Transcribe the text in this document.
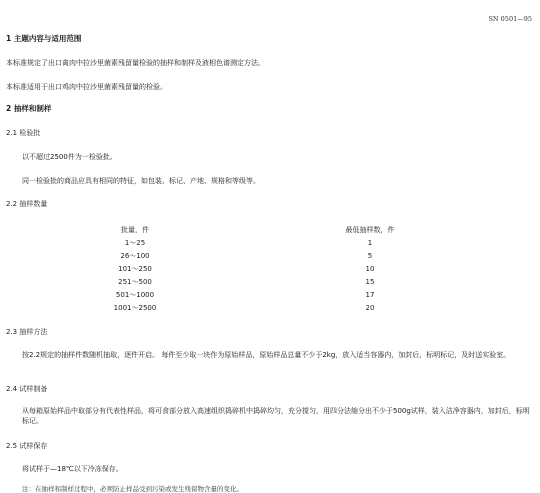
SN 0501—95
1 主题内容与适用范围
本标准规定了出口禽肉中拉沙里菌素残留量检验的抽样和制样及液相色谱测定方法。
本标准适用于出口鸡肉中拉沙里菌素残留量的检验。
2 抽样和制样
2.1 检验批
以不超过2500件为一检验批。
同一检验批的商品应具有相同的特征，如包装、标记、产地、规格和等级等。
2.2 抽样数量
批量，件	最低抽样数，件
1～25	1
26～100	5
101～250	10
251～500	15
501～1000	17
1001～2500	20
2.3 抽样方法
按2.2规定的抽样件数随机抽取，逐件开启。 每件至少取一块作为原始样品，原始样品总量不少于2kg，放入适当容器内，加封后，标明标记，及时送实验室。
2.4 试样制备
从每箱原始样品中取部分有代表性样品，将可食部分放入高速组织捣碎机中捣碎均匀，充分搅匀，用四分法缩分出不少于500g试样，装入洁净容器内，加封后，标明标记。
2.5 试样保存
将试样于—18℃以下冷冻保存。
注：在抽样和制样过程中，必须防止样品受到污染或发生残留物含量的变化。
